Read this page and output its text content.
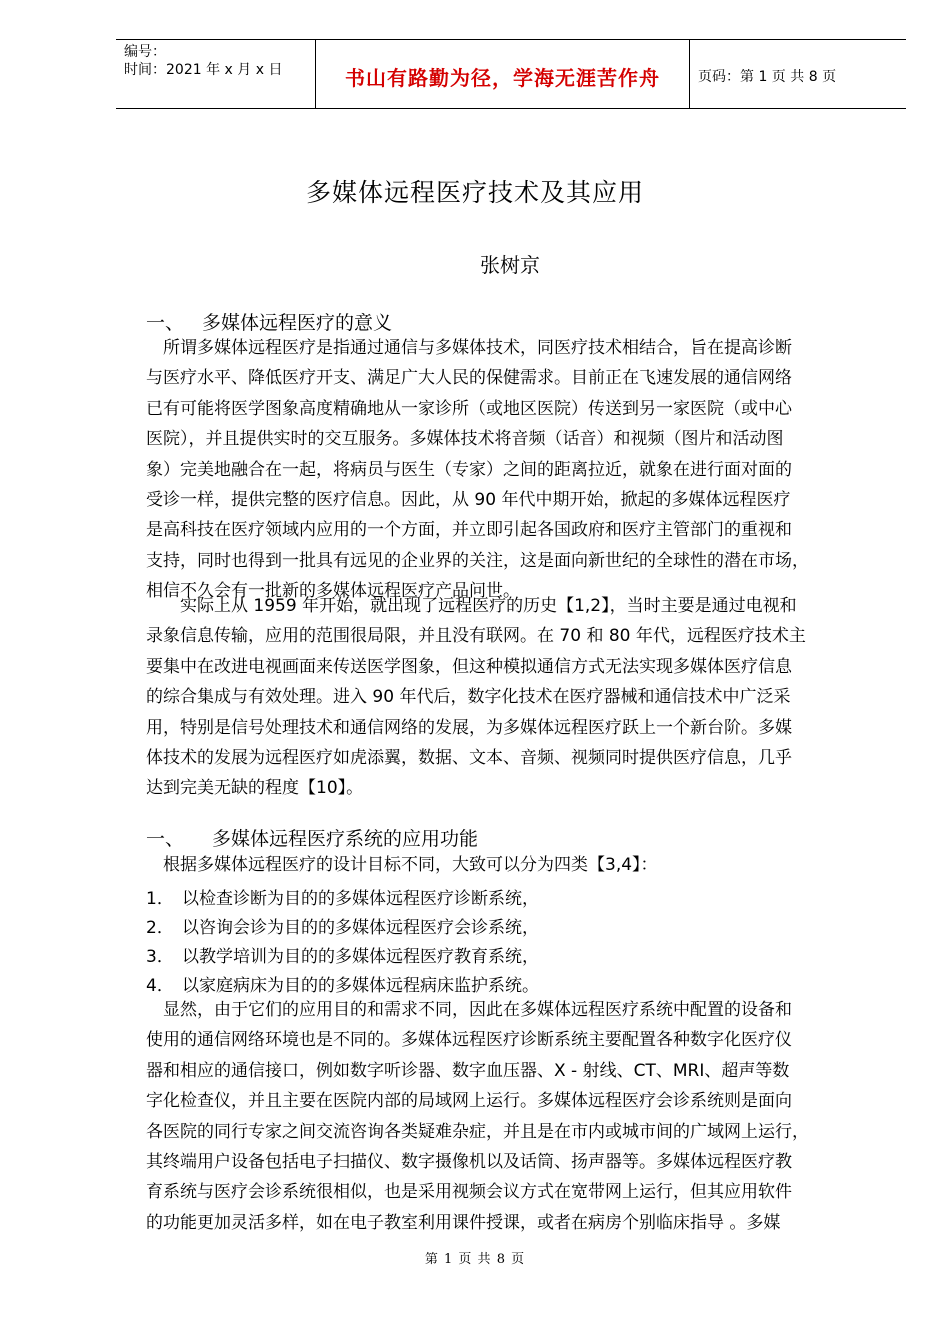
编号：
时间：2021 年 x 月 x 日	书山有路勤为径，学海无涯苦作舟	页码：第 1 页 共 8 页
多媒体远程医疗技术及其应用
张树京
一、 多媒体远程医疗的意义
　所谓多媒体远程医疗是指通过通信与多媒体技术，同医疗技术相结合，旨在提高诊断
与医疗水平、降低医疗开支、满足广大人民的保健需求。目前正在飞速发展的通信网络
已有可能将医学图象高度精确地从一家诊所（或地区医院）传送到另一家医院（或中心
医院），并且提供实时的交互服务。多媒体技术将音频（话音）和视频（图片和活动图
象）完美地融合在一起，将病员与医生（专家）之间的距离拉近，就象在进行面对面的
受诊一样，提供完整的医疗信息。因此，从 90 年代中期开始，掀起的多媒体远程医疗
是高科技在医疗领域内应用的一个方面，并立即引起各国政府和医疗主管部门的重视和
支持，同时也得到一批具有远见的企业界的关注，这是面向新世纪的全球性的潜在市场，
相信不久会有一批新的多媒体远程医疗产品问世。
　　实际上从 1959 年开始，就出现了远程医疗的历史【1,2】，当时主要是通过电视和
录象信息传输，应用的范围很局限，并且没有联网。在 70 和 80 年代，远程医疗技术主
要集中在改进电视画面来传送医学图象，但这种模拟通信方式无法实现多媒体医疗信息
的综合集成与有效处理。进入 90 年代后，数字化技术在医疗器械和通信技术中广泛采
用，特别是信号处理技术和通信网络的发展，为多媒体远程医疗跃上一个新台阶。多媒
体技术的发展为远程医疗如虎添翼，数据、文本、音频、视频同时提供医疗信息，几乎
达到完美无缺的程度【10】。
一、 多媒体远程医疗系统的应用功能
　根据多媒体远程医疗的设计目标不同，大致可以分为四类【3,4】：
1． 以检查诊断为目的的多媒体远程医疗诊断系统，
2． 以咨询会诊为目的的多媒体远程医疗会诊系统，
3． 以教学培训为目的的多媒体远程医疗教育系统，
4． 以家庭病床为目的的多媒体远程病床监护系统。
　显然，由于它们的应用目的和需求不同，因此在多媒体远程医疗系统中配置的设备和
使用的通信网络环境也是不同的。多媒体远程医疗诊断系统主要配置各种数字化医疗仪
器和相应的通信接口，例如数字听诊器、数字血压器、X - 射线、CT、MRI、超声等数
字化检查仪，并且主要在医院内部的局域网上运行。多媒体远程医疗会诊系统则是面向
各医院的同行专家之间交流咨询各类疑难杂症，并且是在市内或城市间的广域网上运行，
其终端用户设备包括电子扫描仪、数字摄像机以及话筒、扬声器等。多媒体远程医疗教
育系统与医疗会诊系统很相似，也是采用视频会议方式在宽带网上运行，但其应用软件
的功能更加灵活多样，如在电子教室利用课件授课，或者在病房个别临床指导 。多媒
第 1 页 共 8 页
